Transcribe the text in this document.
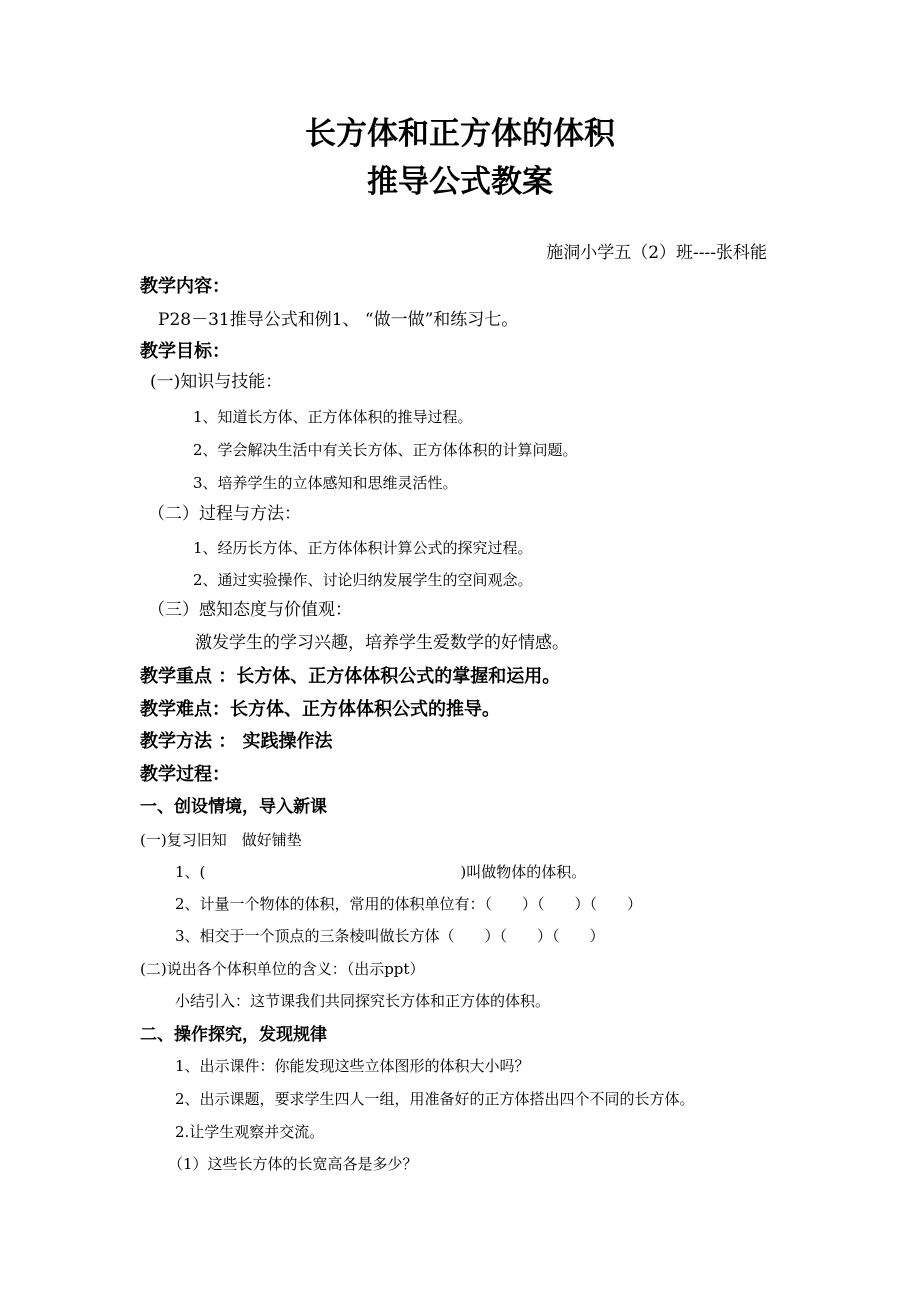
长方体和正方体的体积
推导公式教案
施洞小学五（2）班----张科能
教学内容：
P28－31推导公式和例1、 “做一做”和练习七。
教学目标：
(一)知识与技能：
1、知道长方体、正方体体积的推导过程。
2、学会解决生活中有关长方体、正方体体积的计算问题。
3、培养学生的立体感知和思维灵活性。
（二）过程与方法：
1、经历长方体、正方体体积计算公式的探究过程。
2、通过实验操作、讨论归纳发展学生的空间观念。
（三）感知态度与价值观：
激发学生的学习兴趣，培养学生爱数学的好情感。
教学重点 ：长方体、正方体体积公式的掌握和运用。
教学难点：长方体、正方体体积公式的推导。
教学方法 ： 实践操作法
教学过程：
一、创设情境，导入新课
(一)复习旧知　做好铺垫
1、(　　　　　　　　　　　　　　　　　)叫做物体的体积。
2、计量一个物体的体积，常用的体积单位有：（　　）（　　）（　　）
3、相交于一个顶点的三条棱叫做长方体（　　）（　　）（　　）
(二)说出各个体积单位的含义：（出示ppt）
小结引入：这节课我们共同探究长方体和正方体的体积。
二、操作探究，发现规律
1、出示课件：你能发现这些立体图形的体积大小吗？
2、出示课题，要求学生四人一组，用准备好的正方体搭出四个不同的长方体。
2.让学生观察并交流。
（1）这些长方体的长宽高各是多少？
